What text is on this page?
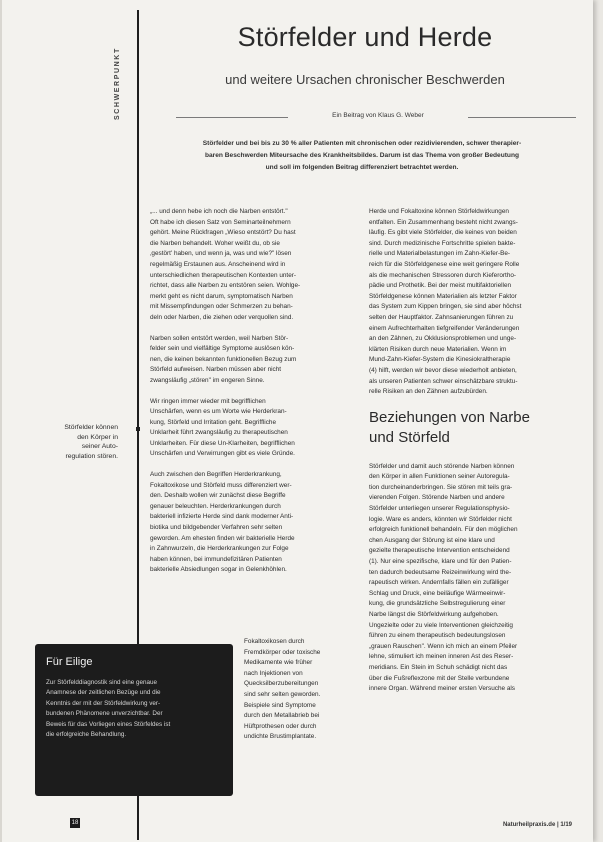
SCHWERPUNKT
Störfelder und Herde
und weitere Ursachen chronischer Beschwerden
Ein Beitrag von Klaus G. Weber
Störfelder und bei bis zu 30 % aller Patienten mit chronischen oder rezidivierenden, schwer therapier-
baren Beschwerden Miteursache des Krankheitsbildes. Darum ist das Thema von großer Bedeutung
und soll im folgenden Beitrag differenziert betrachtet werden.

„... und denn hebe ich noch die Narben entstört."
Oft habe ich diesen Satz von Seminarteilnehmern
gehört. Meine Rückfragen „Wieso entstört? Du hast
die Narben behandelt. Woher weißt du, ob sie
‚gestört' haben, und wenn ja, was und wie?" lösen
regelmäßig Erstaunen aus. Anscheinend wird in
unterschiedlichen therapeutischen Kontexten unter-
richtet, dass alle Narben zu entstören seien. Wohlge-
merkt geht es nicht darum, symptomatisch Narben
mit Missempfindungen oder Schmerzen zu behan-
deln oder Narben, die ziehen oder verquollen sind.

Narben sollen entstört werden, weil Narben Stör-
felder sein und vielfältige Symptome auslösen kön-
nen, die keinen bekannten funktionellen Bezug zum
Störfeld aufweisen. Narben müssen aber nicht
zwangsläufig „stören" im engeren Sinne.

Wir ringen immer wieder mit begrifflichen
Unschärfen, wenn es um Worte wie Herderkran-
kung, Störfeld und Irritation geht. Begriffliche
Unklarheit führt zwangsläufig zu therapeutischen
Unklarheiten. Für diese Un-Klarheiten, begrifflichen
Unschärfen und Verwirrungen gibt es viele Gründe.

Auch zwischen den Begriffen Herderkrankung,
Fokaltoxikose und Störfeld muss differenziert wer-
den. Deshalb wollen wir zunächst diese Begriffe
genauer beleuchten. Herderkrankungen durch
bakteriell infizierte Herde sind dank moderner Anti-
biotika und bildgebender Verfahren sehr selten
geworden. Am ehesten finden wir bakterielle Herde
in Zahnwurzeln, die Herderkrankungen zur Folge
haben können, bei immundefizitären Patienten
bakterielle Absiedlungen sogar in Gelenkhöhlen.

Störfelder können
den Körper in
seiner Auto-
regulation stören.
Fokaltoxikosen durch
Fremdkörper oder toxische
Medikamente wie früher
nach Injektionen von
Quecksilberzubereitungen
sind sehr selten geworden.
Beispiele sind Symptome
durch den Metallabrieb bei
Hüftprothesen oder durch
undichte Brustimplantate.

Herde und Fokaltoxine können Störfeldwirkungen
entfalten. Ein Zusammenhang besteht nicht zwangs-
läufig. Es gibt viele Störfelder, die keines von beiden
sind. Durch medizinische Fortschritte spielen bakte-
rielle und Materialbelastungen im Zahn-Kiefer-Be-
reich für die Störfeldgenese eine weit geringere Rolle
als die mechanischen Stressoren durch Kieferortho-
pädie und Prothetik. Bei der meist multifaktoriellen
Störfeldgenese können Materialien als letzter Faktor
das System zum Kippen bringen, sie sind aber höchst
selten der Hauptfaktor. Zahnsanierungen führen zu
einem Aufrechterhalten tiefgreifender Veränderungen
an den Zähnen, zu Okklusionsproblemen und unge-
klärten Risiken durch neue Materialien. Wenn im
Mund-Zahn-Kiefer-System die Kinesiokraltherapie
(4) hilft, werden wir bevor diese wiederholt anbieten,
als unseren Patienten schwer einschätzbare struktu-
relle Risiken an den Zähnen aufzubürden.

Beziehungen von Narbe
und Störfeld

Störfelder und damit auch störende Narben können
den Körper in allen Funktionen seiner Autoregula-
tion durcheinanderbringen. Sie stören mit teils gra-
vierenden Folgen. Störende Narben und andere
Störfelder unterliegen unserer Regulationsphysio-
logie. Ware es anders, könnten wir Störfelder nicht
erfolgreich funktionell behandeln. Für den möglichen
chen Ausgang der Störung ist eine klare und
gezielte therapeutische Intervention entscheidend
(1). Nur eine spezifische, klare und für den Patien-
ten dadurch bedeutsame Reizeinwirkung wird the-
rapeutisch wirken. Andernfalls fällen ein zufälliger
Schlag und Druck, eine beiläufige Wärmeeinwir-
kung, die grundsätzliche Selbstregulierung einer
Narbe längst die Störfeldwirkung aufgehoben.
Ungezielte oder zu viele Interventionen gleichzeitig
führen zu einem therapeutisch bedeutungslosen
„grauen Rauschen". Wenn ich mich an einem Pfeiler
lehne, stimuliert ich meinen inneren Ast des Reser-
meridians. Ein Stein im Schuh schädigt nicht das
über die Fußreflexzone mit der Stelle verbundene
innere Organ. Während meiner ersten Versuche als

Für Eilige
Zur Störfelddiagnostik sind eine genaue
Anamnese der zeitlichen Bezüge und die
Kenntnis der mit der Störfeldwirkung ver-
bundenen Phänomene unverzichtbar. Der
Beweis für das Vorliegen eines Störfeldes ist
die erfolgreiche Behandlung.
18	Naturheilpraxis.de | 1/19
